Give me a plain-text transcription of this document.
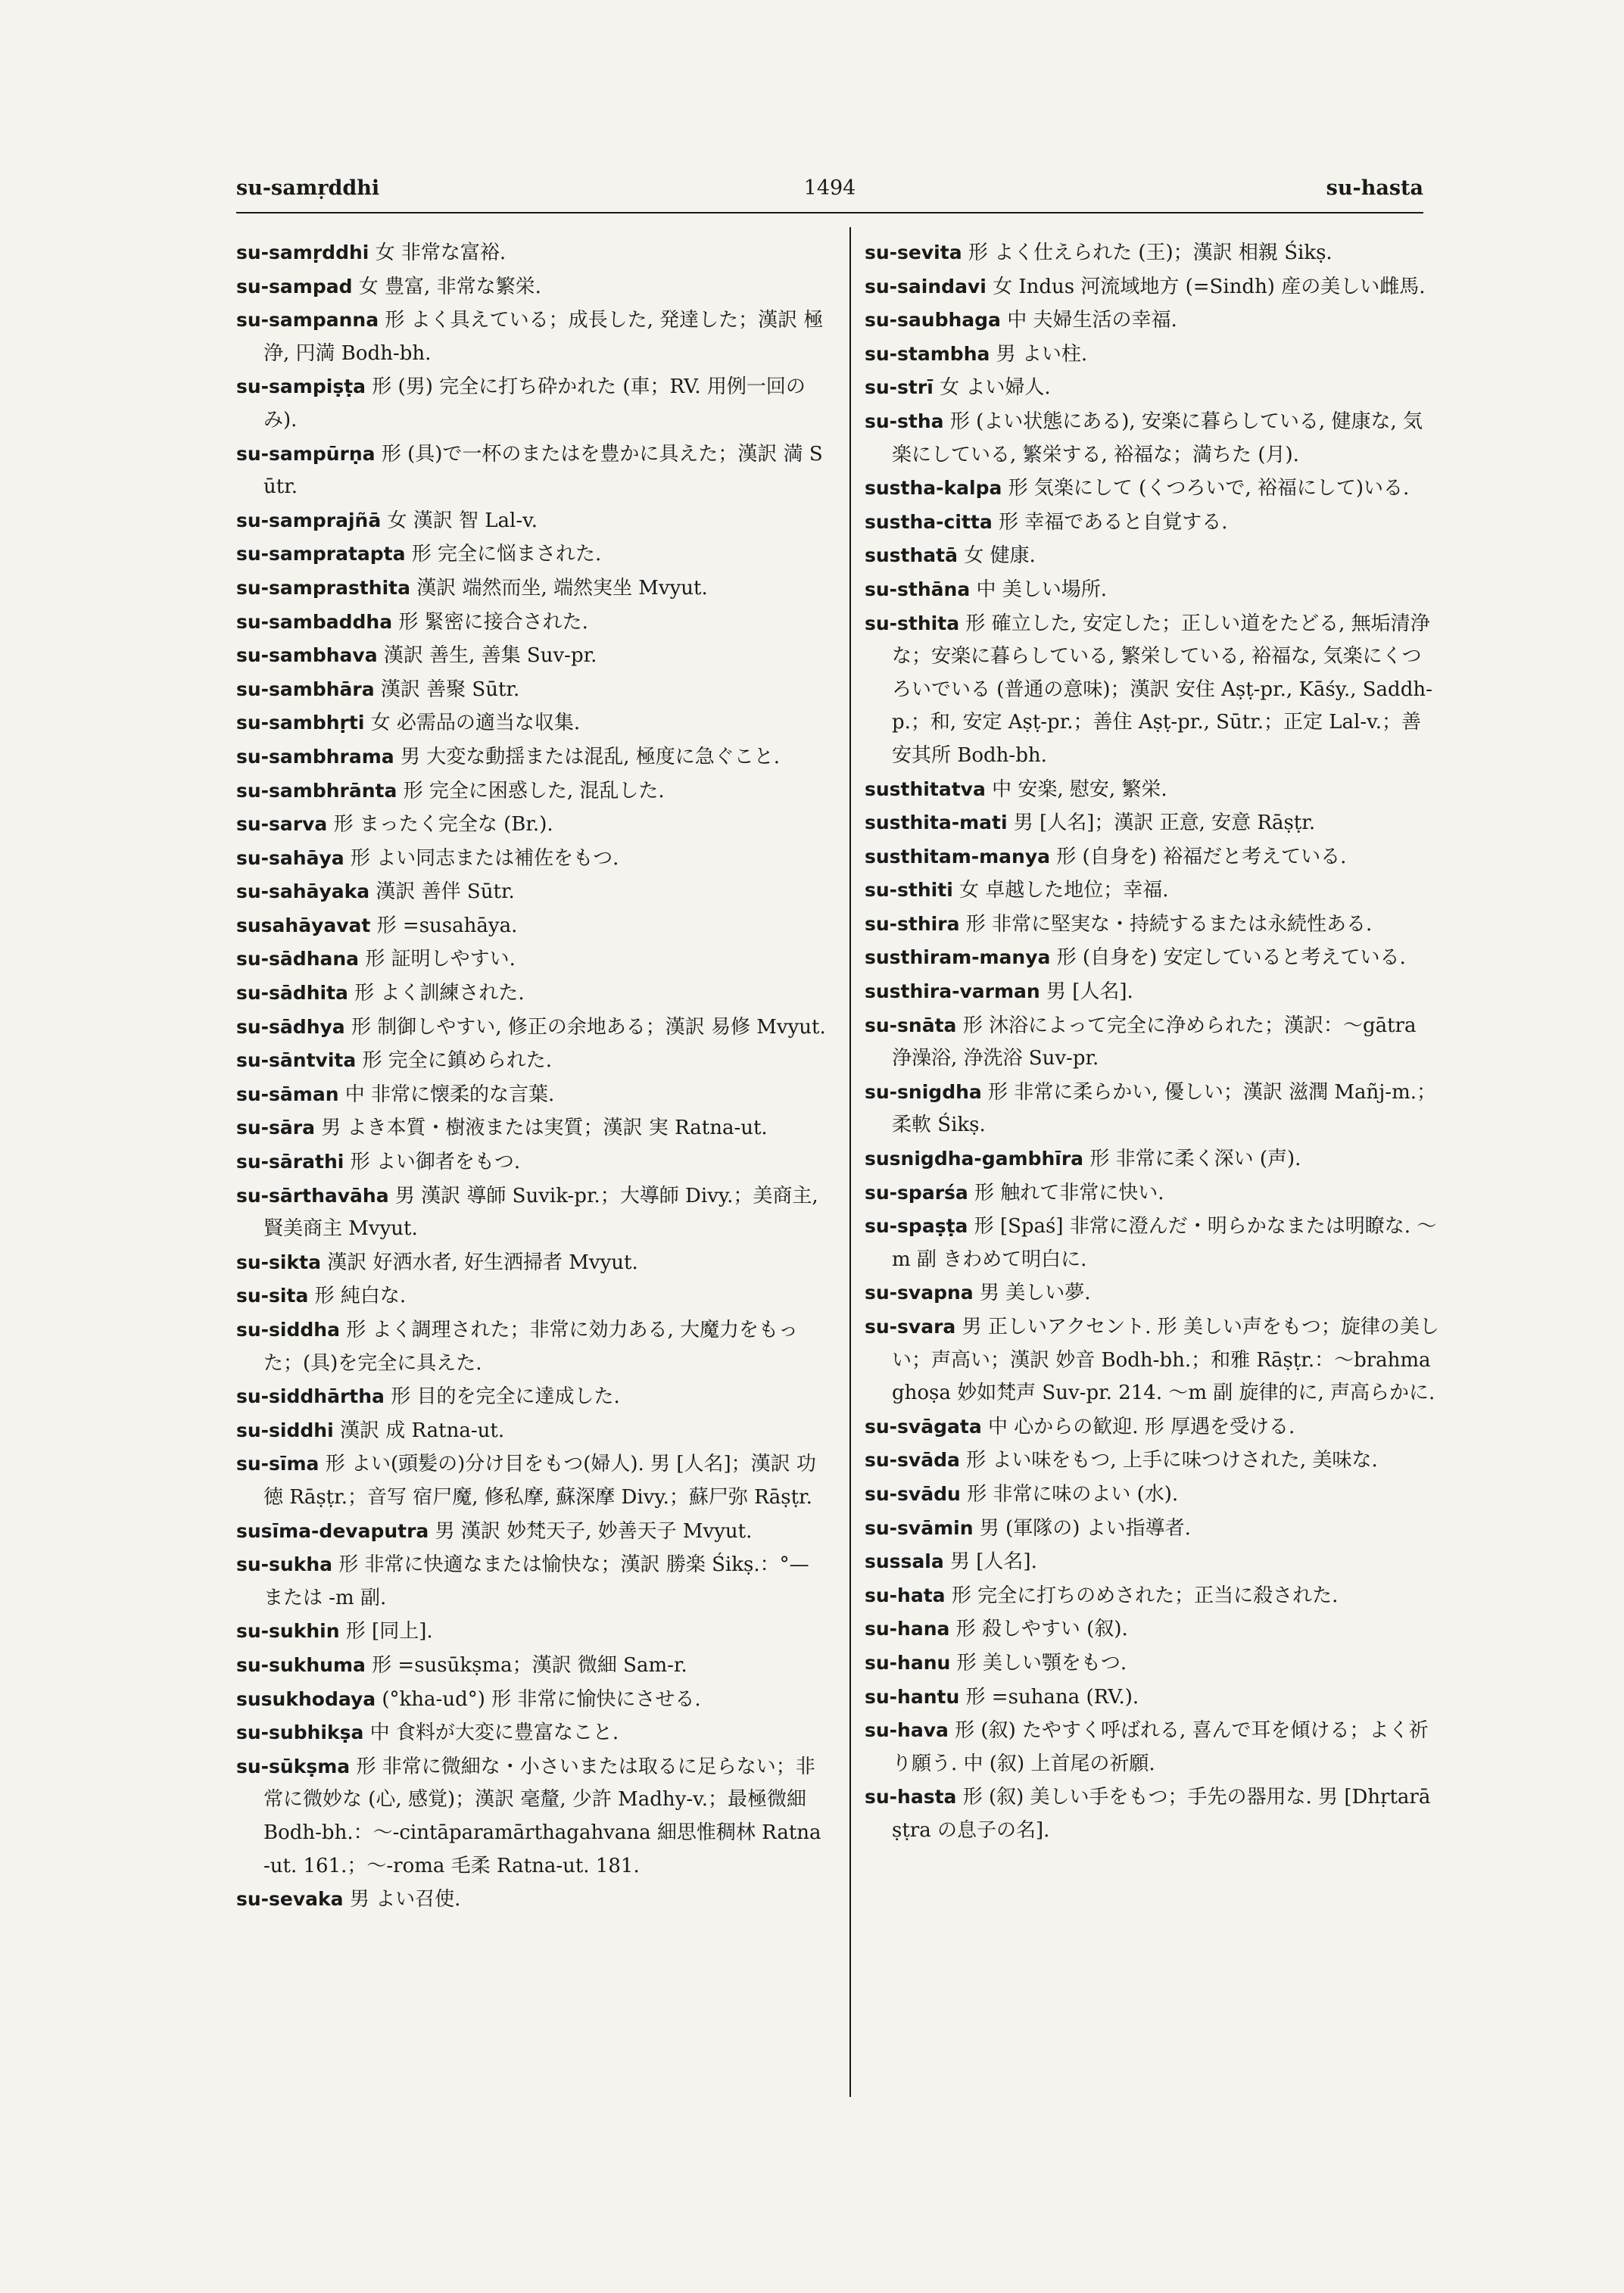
1494
su-samṛddhi	su-hasta
su-samṛddhi 女 非常な富裕.
su-sampad 女 豊富, 非常な繁栄.
su-sampanna 形 よく具えている；成長した, 発達した；漢訳 極浄, 円満 Bodh-bh.
su-sampiṣṭa 形 (男) 完全に打ち砕かれた (車；RV. 用例一回のみ).
su-sampūrṇa 形 (具)で一杯のまたはを豊かに具えた；漢訳 満 Sūtr.
su-samprajñā 女 漢訳 智 Lal-v.
su-sampratapta 形 完全に悩まされた.
su-samprasthita 漢訳 端然而坐, 端然実坐 Mvyut.
su-sambaddha 形 緊密に接合された.
su-sambhava 漢訳 善生, 善集 Suv-pr.
su-sambhāra 漢訳 善聚 Sūtr.
su-sambhṛti 女 必需品の適当な収集.
su-sambhrama 男 大変な動揺または混乱, 極度に急ぐこと.
su-sambhrānta 形 完全に困惑した, 混乱した.
su-sarva 形 まったく完全な (Br.).
su-sahāya 形 よい同志または補佐をもつ.
su-sahāyaka 漢訳 善伴 Sūtr.
susahāyavat 形 =susahāya.
su-sādhana 形 証明しやすい.
su-sādhita 形 よく訓練された.
su-sādhya 形 制御しやすい, 修正の余地ある；漢訳 易修 Mvyut.
su-sāntvita 形 完全に鎮められた.
su-sāman 中 非常に懐柔的な言葉.
su-sāra 男 よき本質・樹液または実質；漢訳 実 Ratna-ut.
su-sārathi 形 よい御者をもつ.
su-sārthavāha 男 漢訳 導師 Suvik-pr.；大導師 Divy.；美商主, 賢美商主 Mvyut.
su-sikta 漢訳 好洒水者, 好生洒掃者 Mvyut.
su-sita 形 純白な.
su-siddha 形 よく調理された；非常に効力ある, 大魔力をもった；(具)を完全に具えた.
su-siddhārtha 形 目的を完全に達成した.
su-siddhi 漢訳 成 Ratna-ut.
su-sīma 形 よい(頭髪の)分け目をもつ(婦人). 男 [人名]；漢訳 功徳 Rāṣṭr.；音写 宿尸魔, 修私摩, 蘇深摩 Divy.；蘇尸弥 Rāṣṭr.
susīma-devaputra 男 漢訳 妙梵天子, 妙善天子 Mvyut.
su-sukha 形 非常に快適なまたは愉快な；漢訳 勝楽 Śikṣ.：°— または -m 副.
su-sukhin 形 [同上].
su-sukhuma 形 =susūkṣma；漢訳 微細 Sam-r.
susukhodaya (°kha-ud°) 形 非常に愉快にさせる.
su-subhikṣa 中 食料が大変に豊富なこと.
su-sūkṣma 形 非常に微細な・小さいまたは取るに足らない；非常に微妙な (心, 感覚)；漢訳 毫釐, 少許 Madhy-v.；最極微細 Bodh-bh.：〜-cintāparamārthagahvana 細思惟稠林 Ratna-ut. 161.；〜-roma 毛柔 Ratna-ut. 181.
su-sevaka 男 よい召使.
su-sevita 形 よく仕えられた (王)；漢訳 相親 Śikṣ.
su-saindavi 女 Indus 河流域地方 (=Sindh) 産の美しい雌馬.
su-saubhaga 中 夫婦生活の幸福.
su-stambha 男 よい柱.
su-strī 女 よい婦人.
su-stha 形 (よい状態にある), 安楽に暮らしている, 健康な, 気楽にしている, 繁栄する, 裕福な；満ちた (月).
sustha-kalpa 形 気楽にして (くつろいで, 裕福にして)いる.
sustha-citta 形 幸福であると自覚する.
susthatā 女 健康.
su-sthāna 中 美しい場所.
su-sthita 形 確立した, 安定した；正しい道をたどる, 無垢清浄な；安楽に暮らしている, 繁栄している, 裕福な, 気楽にくつろいでいる (普通の意味)；漢訳 安住 Aṣṭ-pr., Kāśy., Saddh-p.；和, 安定 Aṣṭ-pr.；善住 Aṣṭ-pr., Sūtr.；正定 Lal-v.；善安其所 Bodh-bh.
susthitatva 中 安楽, 慰安, 繁栄.
susthita-mati 男 [人名]；漢訳 正意, 安意 Rāṣṭr.
susthitam-manya 形 (自身を) 裕福だと考えている.
su-sthiti 女 卓越した地位；幸福.
su-sthira 形 非常に堅実な・持続するまたは永続性ある.
susthiram-manya 形 (自身を) 安定していると考えている.
susthira-varman 男 [人名].
su-snāta 形 沐浴によって完全に浄められた；漢訳：〜gātra 浄澡浴, 浄洗浴 Suv-pr.
su-snigdha 形 非常に柔らかい, 優しい；漢訳 滋潤 Mañj-m.；柔軟 Śikṣ.
susnigdha-gambhīra 形 非常に柔く深い (声).
su-sparśa 形 触れて非常に快い.
su-spaṣṭa 形 [Spaś] 非常に澄んだ・明らかなまたは明瞭な. 〜m 副 きわめて明白に.
su-svapna 男 美しい夢.
su-svara 男 正しいアクセント. 形 美しい声をもつ；旋律の美しい；声高い；漢訳 妙音 Bodh-bh.；和雅 Rāṣṭr.：〜brahmaghoṣa 妙如梵声 Suv-pr. 214. 〜m 副 旋律的に, 声高らかに.
su-svāgata 中 心からの歓迎. 形 厚遇を受ける.
su-svāda 形 よい味をもつ, 上手に味つけされた, 美味な.
su-svādu 形 非常に味のよい (水).
su-svāmin 男 (軍隊の) よい指導者.
sussala 男 [人名].
su-hata 形 完全に打ちのめされた；正当に殺された.
su-hana 形 殺しやすい (叙).
su-hanu 形 美しい顎をもつ.
su-hantu 形 =suhana (RV.).
su-hava 形 (叙) たやすく呼ばれる, 喜んで耳を傾ける；よく祈り願う. 中 (叙) 上首尾の祈願.
su-hasta 形 (叙) 美しい手をもつ；手先の器用な. 男 [Dhṛtarāṣṭra の息子の名].
